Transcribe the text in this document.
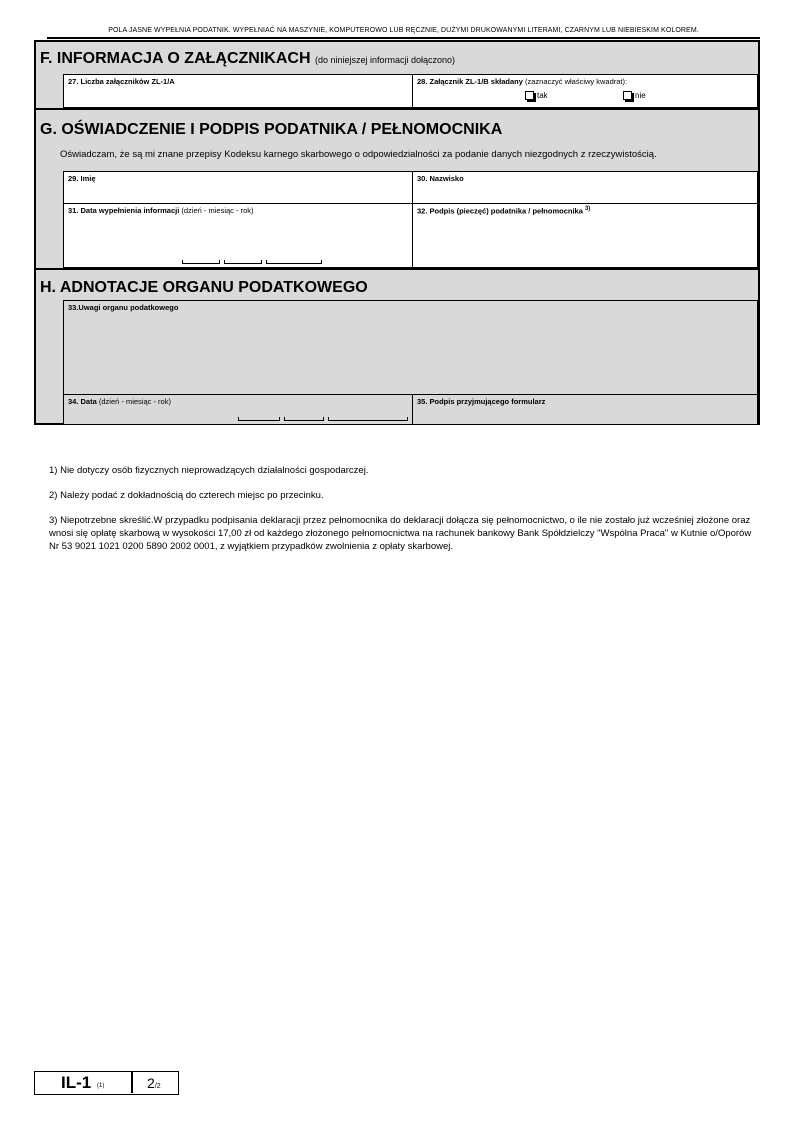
POLA JASNE WYPEŁNIA PODATNIK. WYPEŁNIAĆ NA MASZYNIE, KOMPUTEROWO LUB RĘCZNIE, DUŻYMI DRUKOWANYMI LITERAMI, CZARNYM LUB NIEBIESKIM KOLOREM.
F. INFORMACJA O ZAŁĄCZNIKACH (do niniejszej informacji dołączono)
27. Liczba załączników ZL-1/A	28. Załącznik ZL-1/B składany (zaznaczyć właściwy kwadrat):
tak	nie
G. OŚWIADCZENIE I PODPIS PODATNIKA / PEŁNOMOCNIKA
Oświadczam, że są mi znane przepisy Kodeksu karnego skarbowego o odpowiedzialności za podanie danych niezgodnych z rzeczywistością.
29. Imię	30. Nazwisko
31. Data wypełnienia informacji (dzień - miesiąc - rok)	32. Podpis (pieczęć) podatnika / pełnomocnika $^{3)}$
H. ADNOTACJE ORGANU PODATKOWEGO
33.Uwagi organu podatkowego
34. Data (dzień - miesiąc - rok)	35. Podpis przyjmującego formularz
1) Nie dotyczy osób fizycznych nieprowadzących działalności gospodarczej.
2) Należy podać z dokładnością do czterech miejsc po przecinku.
3) Niepotrzebne skreślić.W przypadku podpisania deklaracji przez pełnomocnika do deklaracji dołącza się pełnomocnictwo, o ile nie zostało już wcześniej złożone oraz wnosi się opłatę skarbową w wysokości 17,00 zł od każdego złożonego pełnomocnictwa na rachunek bankowy Bank Spółdzielczy "Wspólna Praca" w Kutnie o/Oporów Nr 53 9021 1021 0200 5890 2002 0001, z wyjątkiem przypadków zwolnienia z opłaty skarbowej.
IL-1 (1)	2/2
